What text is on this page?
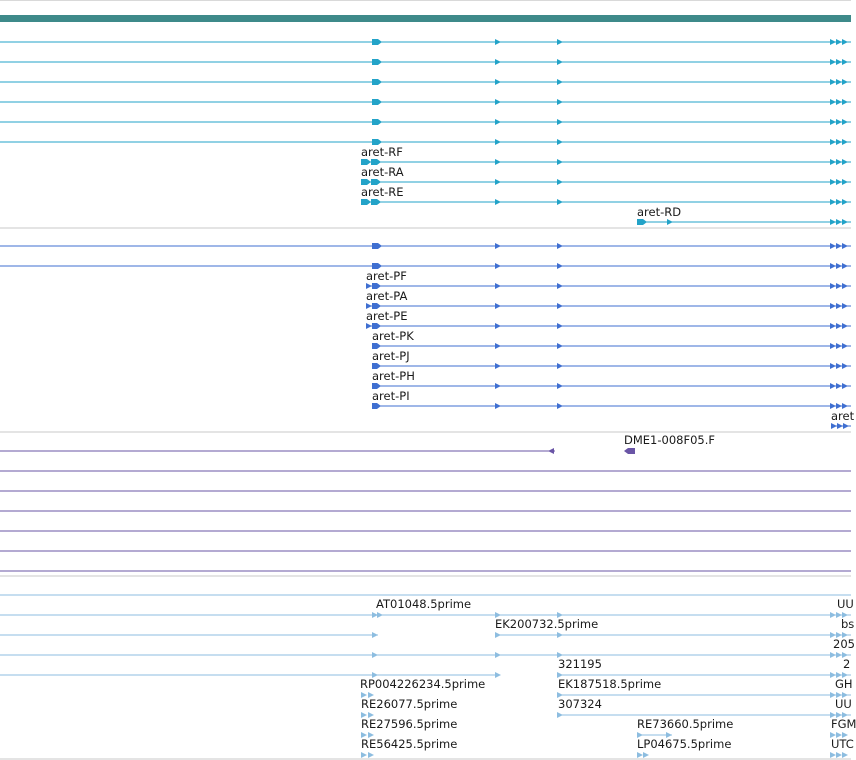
aret-RF
aret-RA
aret-RE
aret-RD
aret-PF
aret-PA
aret-PE
aret-PK
aret-PJ
aret-PH
aret-PI
aret
DME1-008F05.F
AT01048.5prime
EK200732.5prime
321195
RP004226234.5prime	EK187518.5prime
RE26077.5prime	307324
RE27596.5prime	RE73660.5prime
RE56425.5prime	LP04675.5prime
UU
bs
205
2
GH
UU
FGM
UTC
